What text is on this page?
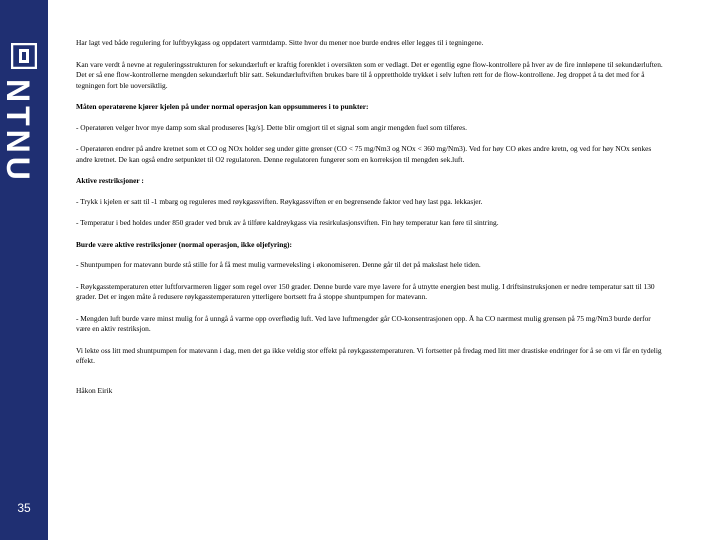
NTNU
35

Har lagt ved både regulering for luftbyykgass og oppdatert varmtdamp. Sitte hvor du mener noe burde endres eller legges til i tegningene.

Kan vare verdt å nevne at reguleringsstrukturen for sekundærluft er kraftig forenklet i oversikten som er vedlagt. Det er egentlig egne flow-kontrollere på hver av de fire innløpene til sekundærluften. Det er så ene flow-kontrollerne mengden sekundærluft blir satt. Sekundærluftviften brukes bare til å opprettholde trykket i selv luften rett for de flow-kontrollene. Jeg droppet å ta det med for å tegningen fort ble uoversiktlig.

Måten operatørene kjører kjelen på under normal operasjon kan oppsummeres i to punkter:

- Operatøren velger hvor mye damp som skal produseres [kg/s]. Dette blir omgjort til et signal som angir mengden fuel som tilføres.

- Operatøren endrer på andre kretnet som et CO og NOx holder seg under gitte grenser (CO < 75 mg/Nm3 og NOx < 360 mg/Nm3). Ved for høy CO økes andre kretn, og ved for høy NOx senkes andre kretnet. De kan også endre setpunktet til O2 regulatoren. Denne regulatoren fungerer som en korreksjon til mengden sek.luft.

Aktive restriksjoner :

- Trykk i kjelen er satt til -1 mbarg og reguleres med røykgassviften. Røykgassviften er en begrensende faktor ved høy last pga. lekkasjer.

- Temperatur i bed holdes under 850 grader ved bruk av å tilføre kaldrøykgass via resirkulasjonsviften. Fin høy temperatur kan føre til sintring.

Burde være aktive restriksjoner (normal operasjon, ikke oljefyring):

- Shuntpumpen for matevann burde stå stille for å få mest mulig varmeveksling i økonomiseren. Denne går til det på makslast hele tiden.

- Røykgasstemperaturen etter luftforvarmeren ligger som regel over 150 grader. Denne burde vare mye lavere for å utnytte energien best mulig. I driftsinstruksjonen er nedre temperatur satt til 130 grader. Det er ingen måte å redusere røykgasstemperaturen ytterligere bortsett fra å stoppe shuntpumpen for matevann.

- Mengden luft burde være minst mulig for å unngå å varme opp overflødig luft. Ved lave luftmengder går CO-konsentrasjonen opp. Å ha CO nærmest mulig grensen på 75 mg/Nm3 burde derfor være en aktiv restriksjon.

Vi lekte oss litt med shuntpumpen for matevann i dag, men det ga ikke veldig stor effekt på røykgasstemperaturen. Vi fortsetter på fredag med litt mer drastiske endringer for å se om vi får en tydelig effekt.

Håkon Eirik
